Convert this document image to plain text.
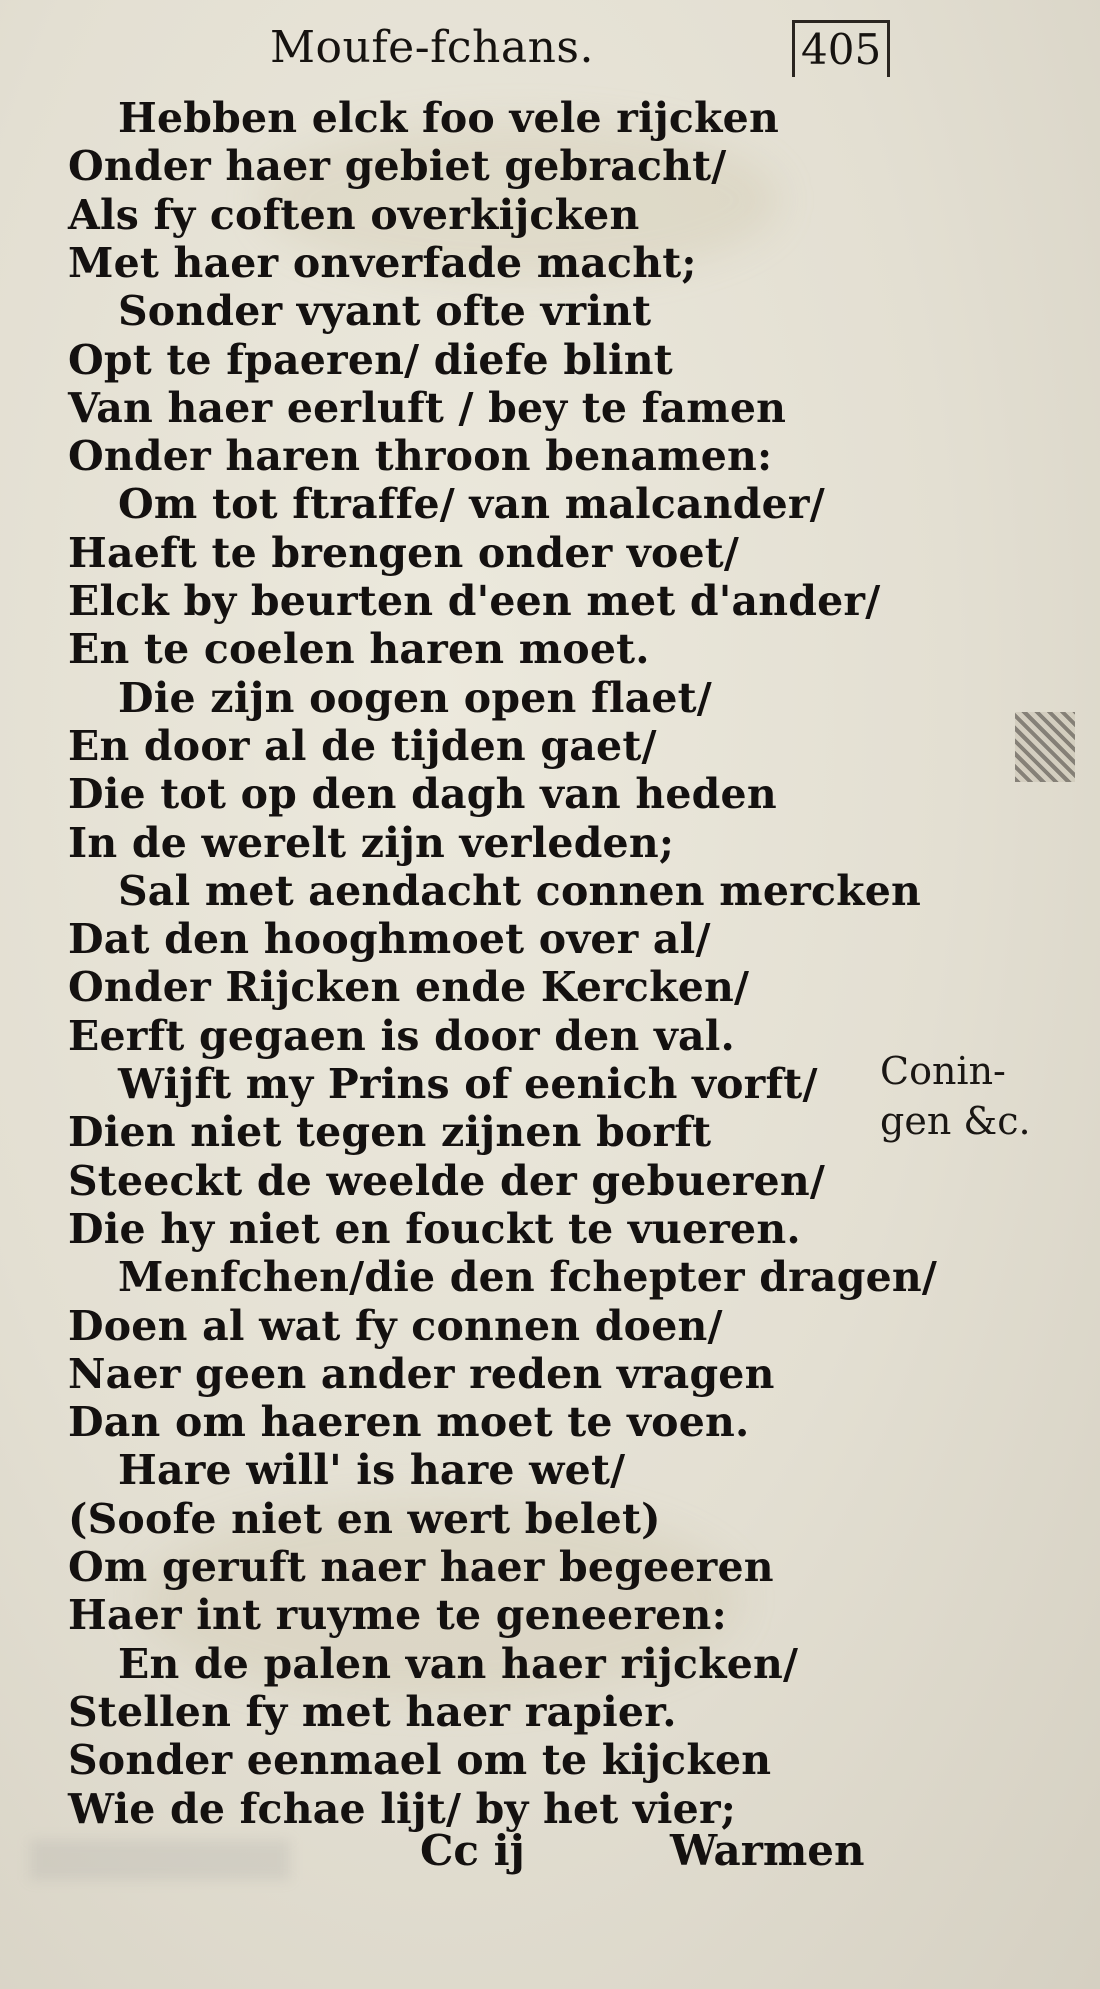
Moufe-fchans.	405
Hebben elck foo vele rijcken
Onder haer gebiet gebracht/
Als fy coften overkijcken
Met haer onverfade macht;
Sonder vyant ofte vrint
Opt te fpaeren/ diefe blint
Van haer eerluft / bey te famen
Onder haren throon benamen:
Om tot ftraffe/ van malcander/
Haeft te brengen onder voet/
Elck by beurten d'een met d'ander/
En te coelen haren moet.
Die zijn oogen open flaet/
En door al de tijden gaet/
Die tot op den dagh van heden
In de werelt zijn verleden;
Sal met aendacht connen mercken
Dat den hooghmoet over al/
Onder Rijcken ende Kercken/
Eerft gegaen is door den val.
Wijft my Prins of eenich vorft/
Dien niet tegen zijnen borft
Steeckt de weelde der gebueren/
Die hy niet en fouckt te vueren.
Menfchen/die den fchepter dragen/
Doen al wat fy connen doen/
Naer geen ander reden vragen
Dan om haeren moet te voen.
Hare will' is hare wet/
(Soofe niet en wert belet)
Om geruft naer haer begeeren
Haer int ruyme te geneeren:
En de palen van haer rijcken/
Stellen fy met haer rapier.
Sonder eenmael om te kijcken
Wie de fchae lijt/ by het vier;
Conin-
gen &c.
Cc ij	Warmen
